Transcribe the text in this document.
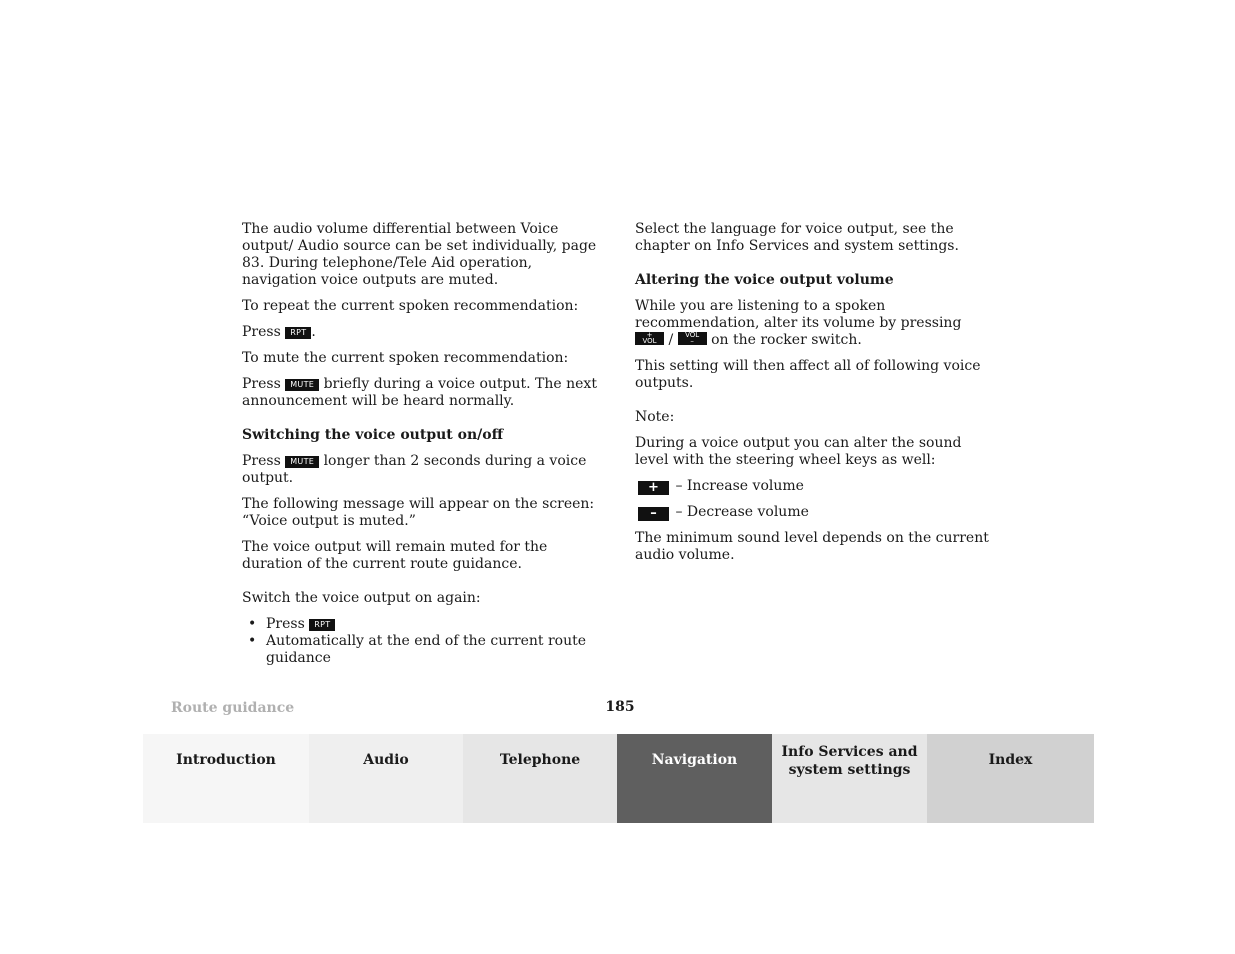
The audio volume differential between Voice output/ Audio source can be set individually, page 83. During telephone/Tele Aid operation, navigation voice outputs are muted.

To repeat the current spoken recommendation:

Press RPT .

To mute the current spoken recommendation:

Press MUTE briefly during a voice output. The next announcement will be heard normally.

Switching the voice output on/off

Press MUTE longer than 2 seconds during a voice output.

The following message will appear on the screen: “Voice output is muted.”

The voice output will remain muted for the duration of the current route guidance.

Switch the voice output on again:

• Press RPT
• Automatically at the end of the current route guidance

Select the language for voice output, see the chapter on Info Services and system settings.

Altering the voice output volume

While you are listening to a spoken recommendation, alter its volume by pressing
+
VOL /	VOL
– on the rocker switch.

This setting will then affect all of following voice outputs.

Note:

During a voice output you can alter the sound level with the steering wheel keys as well:

+ – Increase volume

– – Decrease volume

The minimum sound level depends on the current audio volume.

Route guidance	185
Introduction	Audio	Telephone	Navigation	Info Services and
system settings
Index
